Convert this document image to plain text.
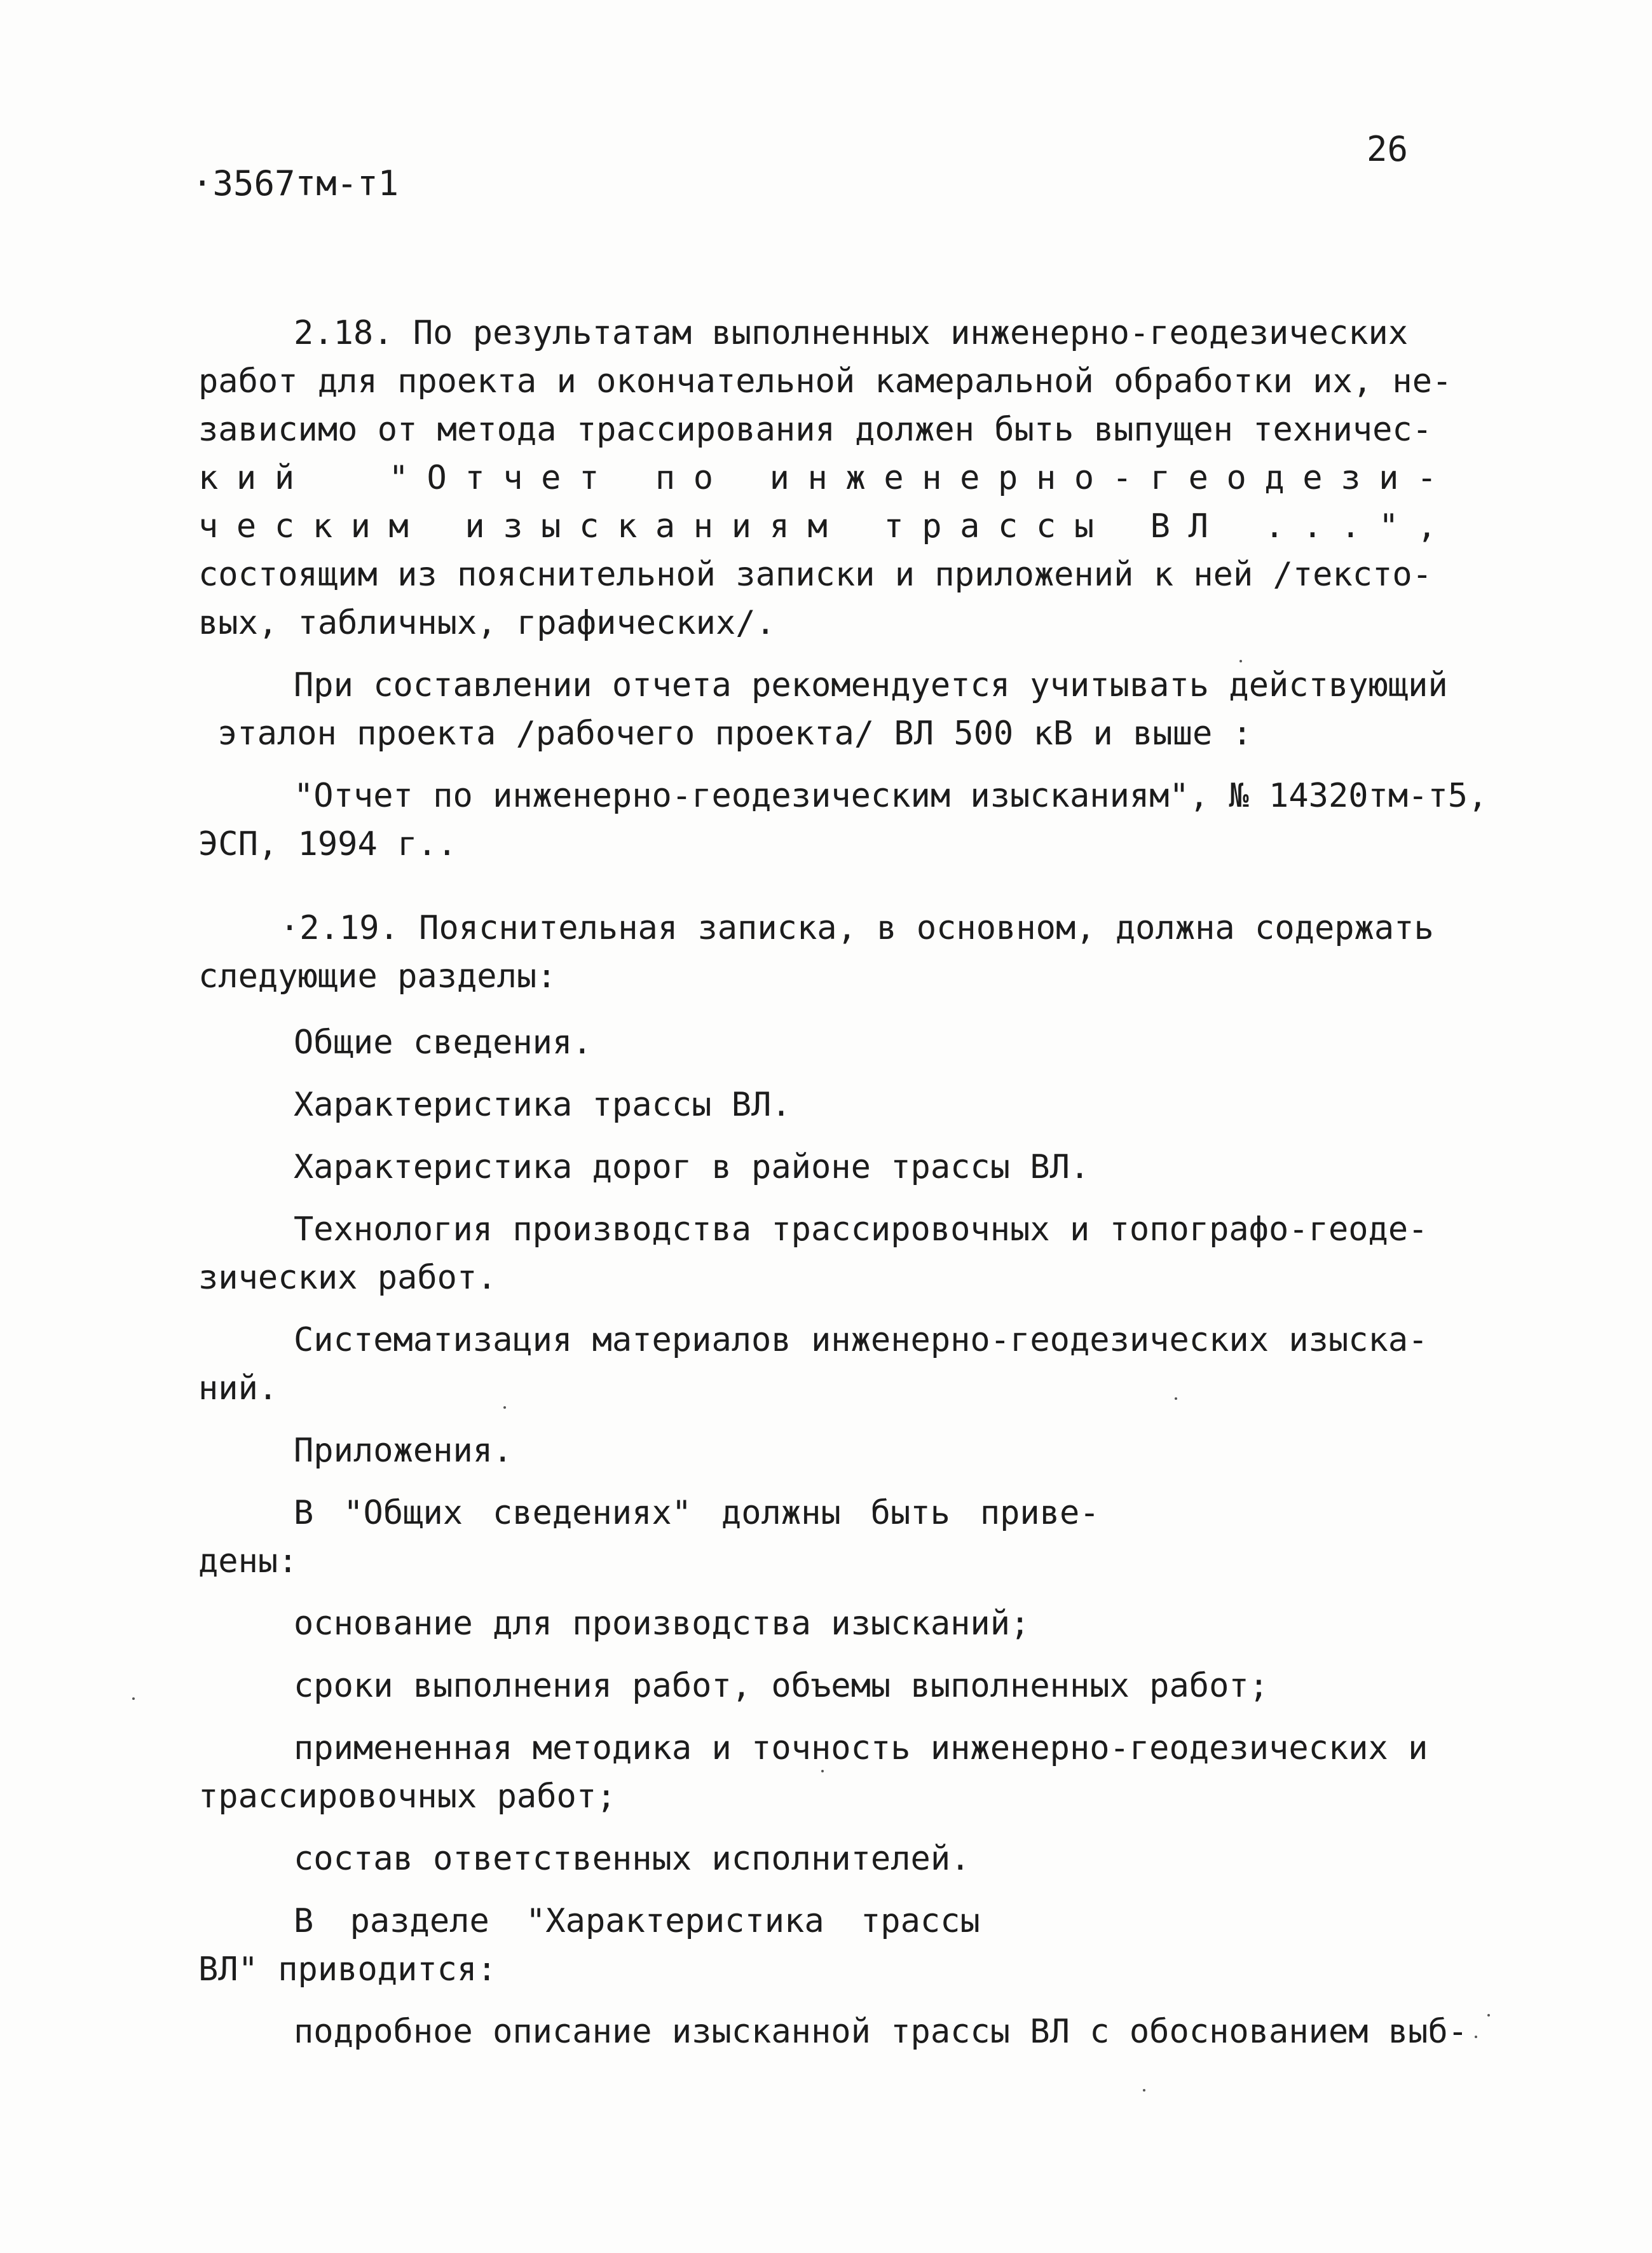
·3567тм-т1
26
2.18. По результатам выполненных инженерно-геодезических
работ для проекта и окончательной камеральной обработки их, не-
зависимо от метода трассирования должен быть выпущен техничес-
кий  "Отчет по инженерно-геодези-
ческим изысканиям трассы ВЛ ...",
состоящим из пояснительной записки и приложений к ней /тексто-
вых, табличных, графических/.
При составлении отчета рекомендуется учитывать действующий
эталон проекта /рабочего проекта/ ВЛ 500 кВ и выше :
"Отчет по инженерно-геодезическим изысканиям", № 14320тм-т5,
ЭСП, 1994 г..
·2.19. Пояснительная записка, в основном, должна содержать
следующие разделы:
Общие сведения.
Характеристика трассы ВЛ.
Характеристика дорог в районе трассы ВЛ.
Технология производства трассировочных и топографо-геоде-
зических работ.
Систематизация материалов инженерно-геодезических изыска-
ний.
Приложения.
В "Общих сведениях" должны быть приве-
дены:
основание для производства изысканий;
сроки выполнения работ, объемы выполненных работ;
примененная методика и точность инженерно-геодезических и
трассировочных работ;
состав ответственных исполнителей.
В разделе "Характеристика трассы
ВЛ" приводится:
подробное описание изысканной трассы ВЛ с обоснованием выб-
